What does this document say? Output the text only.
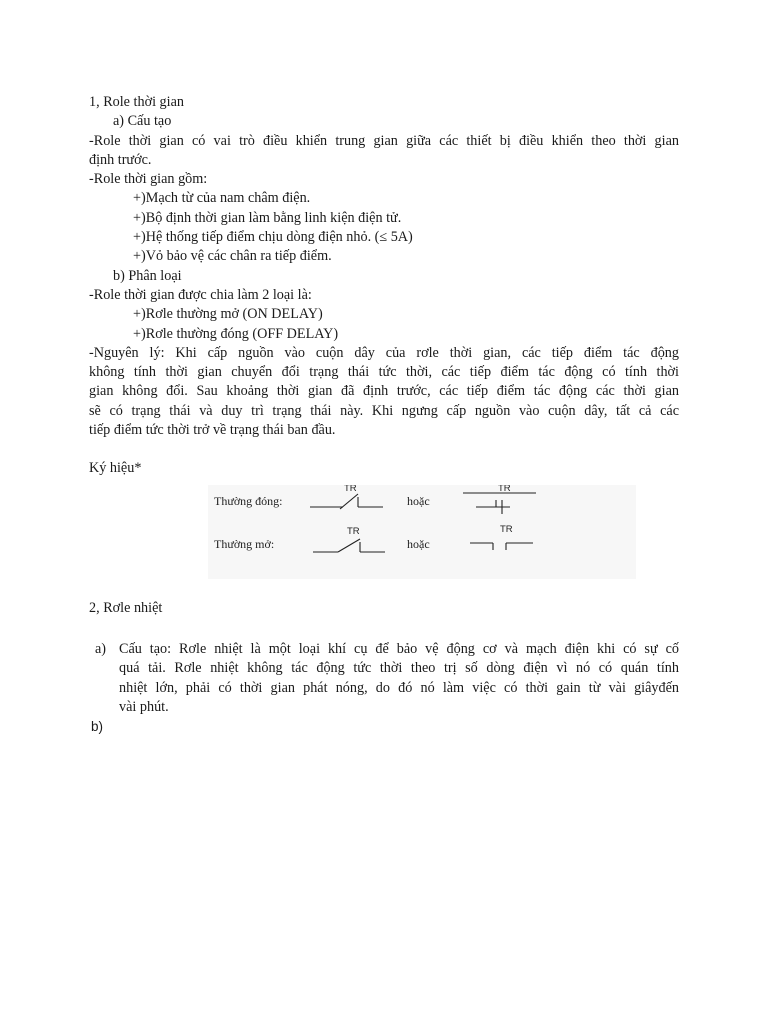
1, Role thời gian
a) Cấu tạo
-Role thời gian có vai trò điều khiển trung gian giữa các thiết bị điều khiển theo thời gian
định trước.
-Role thời gian gồm:
+)Mạch từ của nam châm điện.
+)Bộ định thời gian làm bằng linh kiện điện tử.
+)Hệ thống tiếp điểm chịu dòng điện nhỏ. (≤ 5A)
+)Vỏ bảo vệ các chân ra tiếp điểm.
b) Phân loại
-Role thời gian được chia làm 2 loại là:
+)Rơle thường mở (ON DELAY)
+)Rơle thường đóng (OFF DELAY)
-Nguyên lý: Khi cấp nguồn vào cuộn dây của rơle thời gian, các tiếp điểm tác động
không tính thời gian chuyển đổi trạng thái tức thời, các tiếp điểm tác động có tính thời
gian không đổi. Sau khoảng thời gian đã định trước, các tiếp điểm tác động các thời gian
sẽ có trạng thái và duy trì trạng thái này. Khi ngưng cấp nguồn vào cuộn dây, tất cả các
tiếp điểm tức thời trở về trạng thái ban đầu.
Ký hiệu*
Thường đóng:
Thường mở:
hoặc
hoặc
TR	TR
TR	TR
2, Rơle nhiệt
a) Cấu tạo: Rơle nhiệt là một loại khí cụ để bảo vệ động cơ và mạch điện khi có sự cố
quá tải. Rơle nhiệt không tác động tức thời theo trị số dòng điện vì nó có quán tính
nhiệt lớn, phải có thời gian phát nóng, do đó nó làm việc có thời gain từ vài giâyđến
vài phút.
b)
